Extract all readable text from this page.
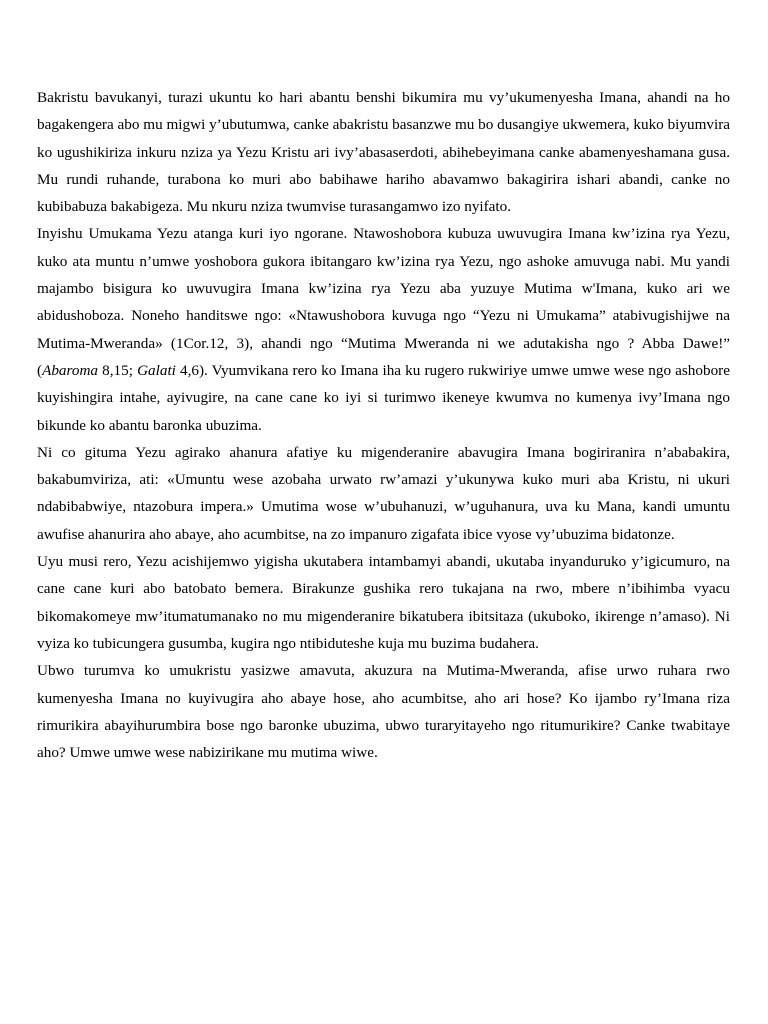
Bakristu bavukanyi, turazi ukuntu ko hari abantu benshi bikumira mu vy’ukumenyesha Imana, ahandi na ho bagakengera abo mu migwi y’ubutumwa, canke abakristu basanzwe mu bo dusangiye ukwemera, kuko biyumvira ko ugushikiriza inkuru nziza ya Yezu Kristu ari ivy’abasaserdoti, abihebeyimana canke abamenyeshamana gusa. Mu rundi ruhande, turabona ko muri abo babihawe hariho abavamwo bakagirira ishari abandi, canke no kubibabuza bakabigeza. Mu nkuru nziza twumvise turasangamwo izo nyifato.

Inyishu Umukama Yezu atanga kuri iyo ngorane. Ntawoshobora kubuza uwuvugira Imana kw’izina rya Yezu, kuko ata muntu n’umwe yoshobora gukora ibitangaro kw’izina rya Yezu, ngo ashoke amuvuga nabi. Mu yandi majambo bisigura ko uwuvugira Imana kw’izina rya Yezu aba yuzuye Mutima w'Imana, kuko ari we abidushoboza. Noneho handitswe ngo: «Ntawushobora kuvuga ngo “Yezu ni Umukama” atabivugishijwe na Mutima-Mweranda» (1Cor.12, 3), ahandi ngo “Mutima Mweranda ni we adutakisha ngo ? Abba Dawe!” (Abaroma 8,15; Galati 4,6). Vyumvikana rero ko Imana iha ku rugero rukwiriye umwe umwe wese ngo ashobore kuyishingira intahe, ayivugire, na cane cane ko iyi si turimwo ikeneye kwumva no kumenya ivy’Imana ngo bikunde ko abantu baronka ubuzima.

Ni co gituma Yezu agirako ahanura afatiye ku migenderanire abavugira Imana bogiriranira n’ababakira, bakabumviriza, ati: «Umuntu wese azobaha urwato rw’amazi y’ukunywa kuko muri aba Kristu, ni ukuri ndabibabwiye, ntazobura impera.» Umutima wose w’ubuhanuzi, w’uguhanura, uva ku Mana, kandi umuntu awufise ahanurira aho abaye, aho acumbitse, na zo impanuro zigafata ibice vyose vy’ubuzima bidatonze.

Uyu musi rero, Yezu acishijemwo yigisha ukutabera intambamyi abandi, ukutaba inyanduruko y’igicumuro, na cane cane kuri abo batobato bemera. Birakunze gushika rero tukajana na rwo, mbere n’ibihimba vyacu bikomakomeye mw’itumatumanako no mu migenderanire bikatubera ibitsitaza (ukuboko, ikirenge n’amaso). Ni vyiza ko tubicungera gusumba, kugira ngo ntibiduteshe kuja mu buzima budahera.

Ubwo turumva ko umukristu yasizwe amavuta, akuzura na Mutima-Mweranda, afise urwo ruhara rwo kumenyesha Imana no kuyivugira aho abaye hose, aho acumbitse, aho ari hose? Ko ijambo ry’Imana riza rimurikira abayihurumbira bose ngo baronke ubuzima, ubwo turaryitayeho ngo ritumurikire? Canke twabitaye aho? Umwe umwe wese nabizirikane mu mutima wiwe.
